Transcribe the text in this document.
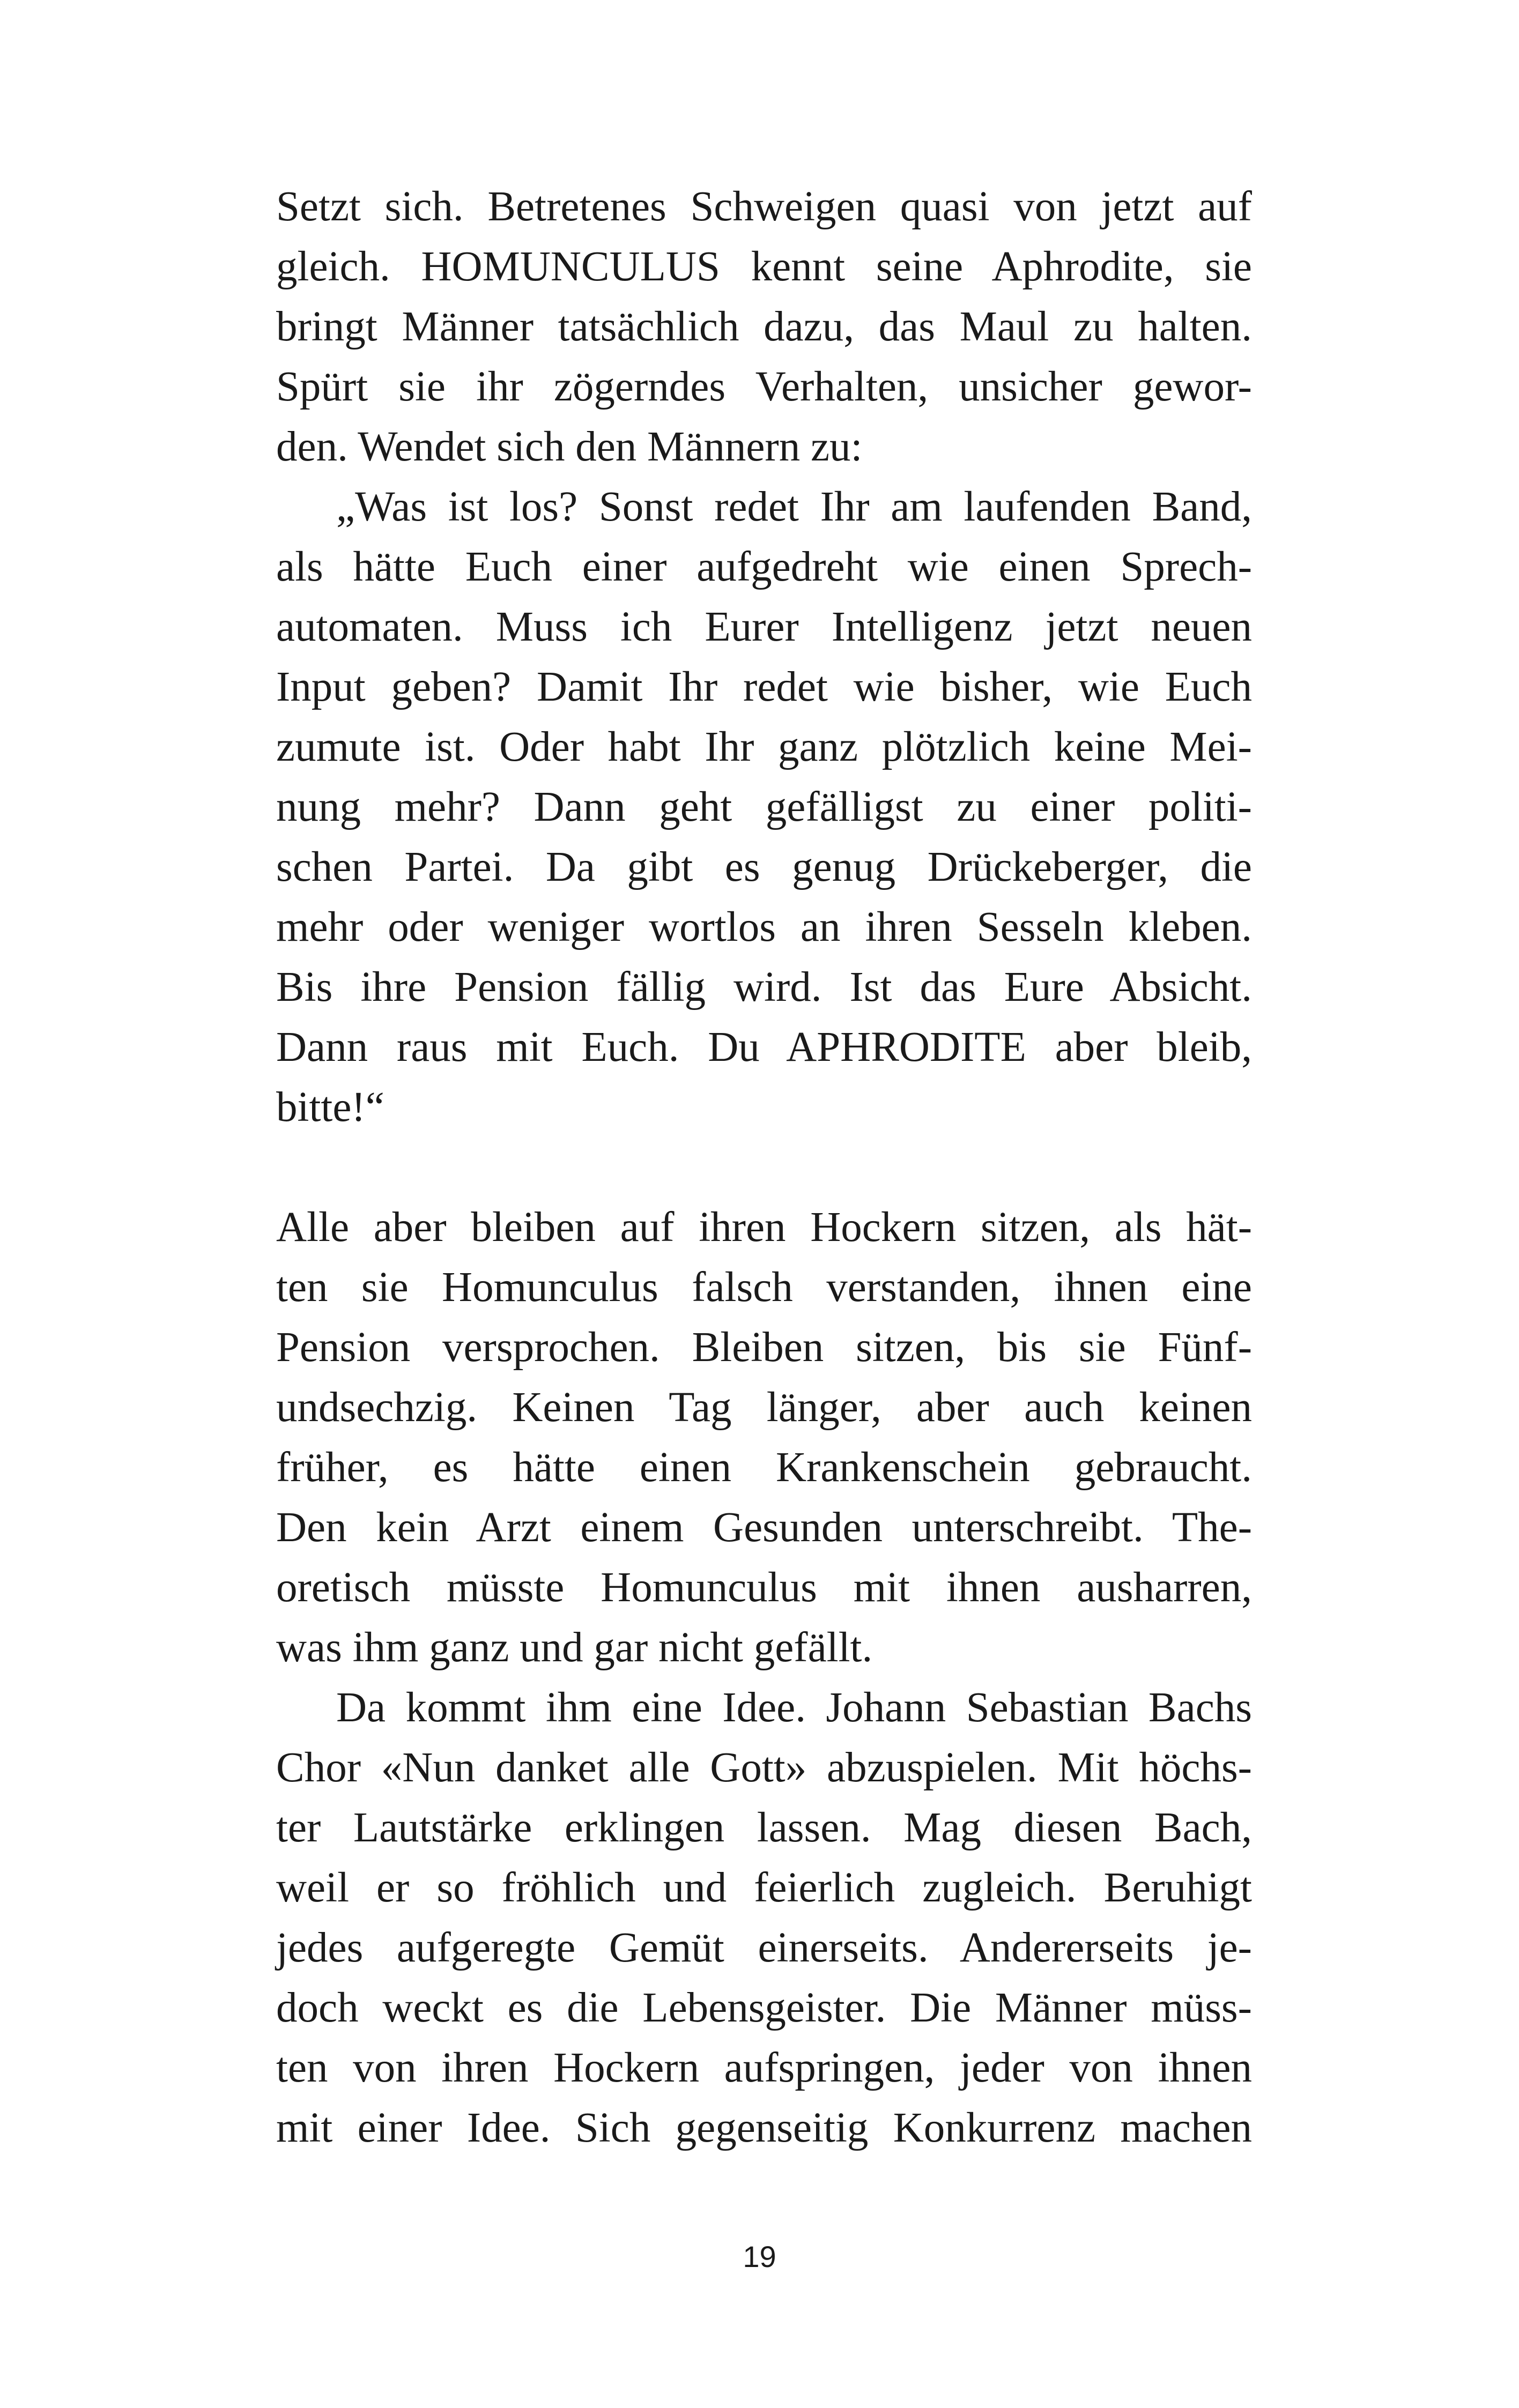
Setzt sich. Betretenes Schweigen quasi von jetzt auf
gleich. HOMUNCULUS kennt seine Aphrodite, sie
bringt Männer tatsächlich dazu, das Maul zu halten.
Spürt sie ihr zögerndes Verhalten, unsicher gewor-
den. Wendet sich den Männern zu:
„Was ist los? Sonst redet Ihr am laufenden Band,
als hätte Euch einer aufgedreht wie einen Sprech-
automaten. Muss ich Eurer Intelligenz jetzt neuen
Input geben? Damit Ihr redet wie bisher, wie Euch
zumute ist. Oder habt Ihr ganz plötzlich keine Mei-
nung mehr? Dann geht gefälligst zu einer politi-
schen Partei. Da gibt es genug Drückeberger, die
mehr oder weniger wortlos an ihren Sesseln kleben.
Bis ihre Pension fällig wird. Ist das Eure Absicht.
Dann raus mit Euch. Du APHRODITE aber bleib,
bitte!“
Alle aber bleiben auf ihren Hockern sitzen, als hät-
ten sie Homunculus falsch verstanden, ihnen eine
Pension versprochen. Bleiben sitzen, bis sie Fünf-
undsechzig. Keinen Tag länger, aber auch keinen
früher, es hätte einen Krankenschein gebraucht.
Den kein Arzt einem Gesunden unterschreibt. The-
oretisch müsste Homunculus mit ihnen ausharren,
was ihm ganz und gar nicht gefällt.
Da kommt ihm eine Idee. Johann Sebastian Bachs
Chor «Nun danket alle Gott» abzuspielen. Mit höchs-
ter Lautstärke erklingen lassen. Mag diesen Bach,
weil er so fröhlich und feierlich zugleich. Beruhigt
jedes aufgeregte Gemüt einerseits. Andererseits je-
doch weckt es die Lebensgeister. Die Männer müss-
ten von ihren Hockern aufspringen, jeder von ihnen
mit einer Idee. Sich gegenseitig Konkurrenz machen
19
